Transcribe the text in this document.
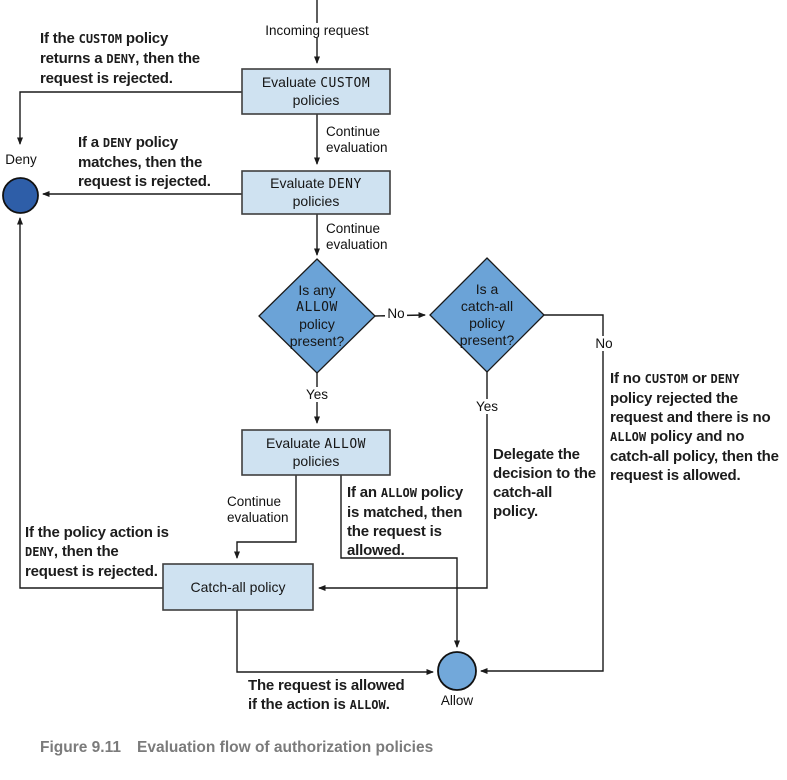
Evaluate CUSTOM
policies
Evaluate DENY
policies
Evaluate ALLOW
policies
Catch-all policy
Is any
ALLOW
policy
present?
Is a
catch-all
policy
present?
Incoming request
Continue evaluation
Continue evaluation
Continue evaluation
No
No
Yes
Yes
Deny
Allow
If the CUSTOM policy returns a DENY, then the request is rejected.
If a DENY policy matches, then the request is rejected.
If no CUSTOM or DENY policy rejected the request and there is no ALLOW policy and no catch-all policy, then the request is allowed.
Delegate the decision to the catch-all policy.
If an ALLOW policy is matched, then the request is allowed.
If the policy action is DENY, then the request is rejected.
The request is allowed if the action is ALLOW.
Figure 9.11 Evaluation flow of authorization policies
